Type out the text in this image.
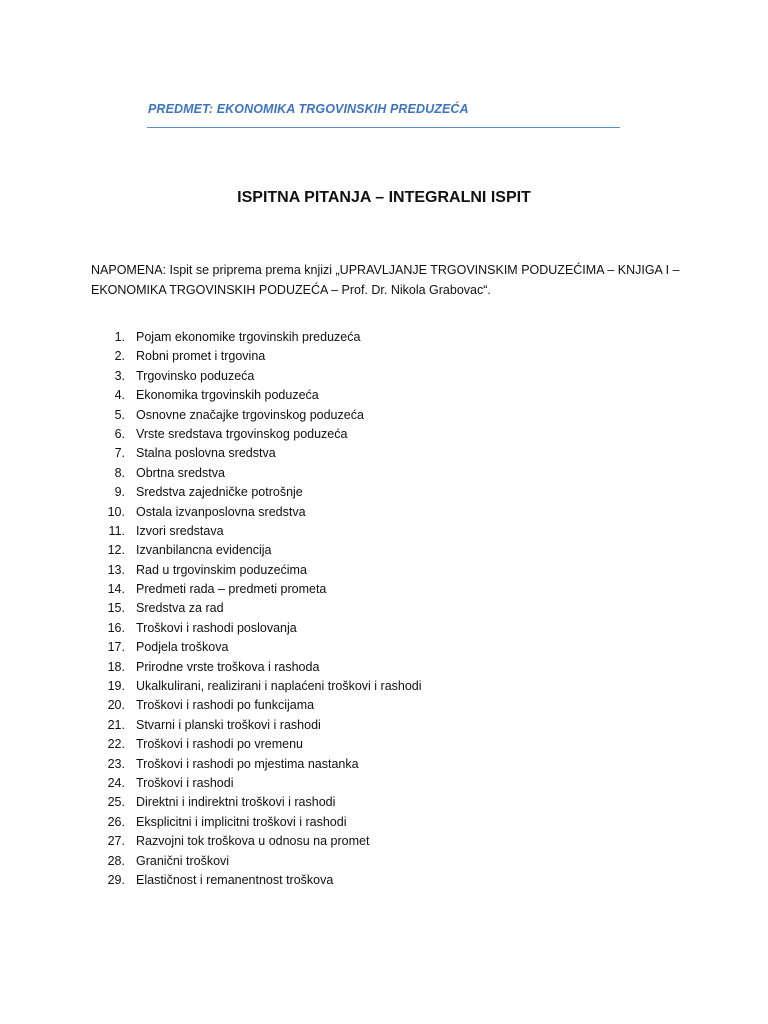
PREDMET: EKONOMIKA TRGOVINSKIH PREDUZEĆA
ISPITNA PITANJA – INTEGRALNI ISPIT
NAPOMENA: Ispit se priprema prema knjizi „UPRAVLJANJE TRGOVINSKIM PODUZEĆIMA – KNJIGA I –
EKONOMIKA TRGOVINSKIH PODUZEĆA – Prof. Dr. Nikola Grabovac“.
1. Pojam ekonomike trgovinskih preduzeća
2. Robni promet i trgovina
3. Trgovinsko poduzeća
4. Ekonomika trgovinskih poduzeća
5. Osnovne značajke trgovinskog poduzeća
6. Vrste sredstava trgovinskog poduzeća
7. Stalna poslovna sredstva
8. Obrtna sredstva
9. Sredstva zajedničke potrošnje
10. Ostala izvanposlovna sredstva
11. Izvori sredstava
12. Izvanbilancna evidencija
13. Rad u trgovinskim poduzećima
14. Predmeti rada – predmeti prometa
15. Sredstva za rad
16. Troškovi i rashodi poslovanja
17. Podjela troškova
18. Prirodne vrste troškova i rashoda
19. Ukalkulirani, realizirani i naplaćeni troškovi i rashodi
20. Troškovi i rashodi po funkcijama
21. Stvarni i planski troškovi i rashodi
22. Troškovi i rashodi po vremenu
23. Troškovi i rashodi po mjestima nastanka
24. Troškovi i rashodi
25. Direktni i indirektni troškovi i rashodi
26. Eksplicitni i implicitni troškovi i rashodi
27. Razvojni tok troškova u odnosu na promet
28. Granični troškovi
29. Elastičnost i remanentnost troškova
